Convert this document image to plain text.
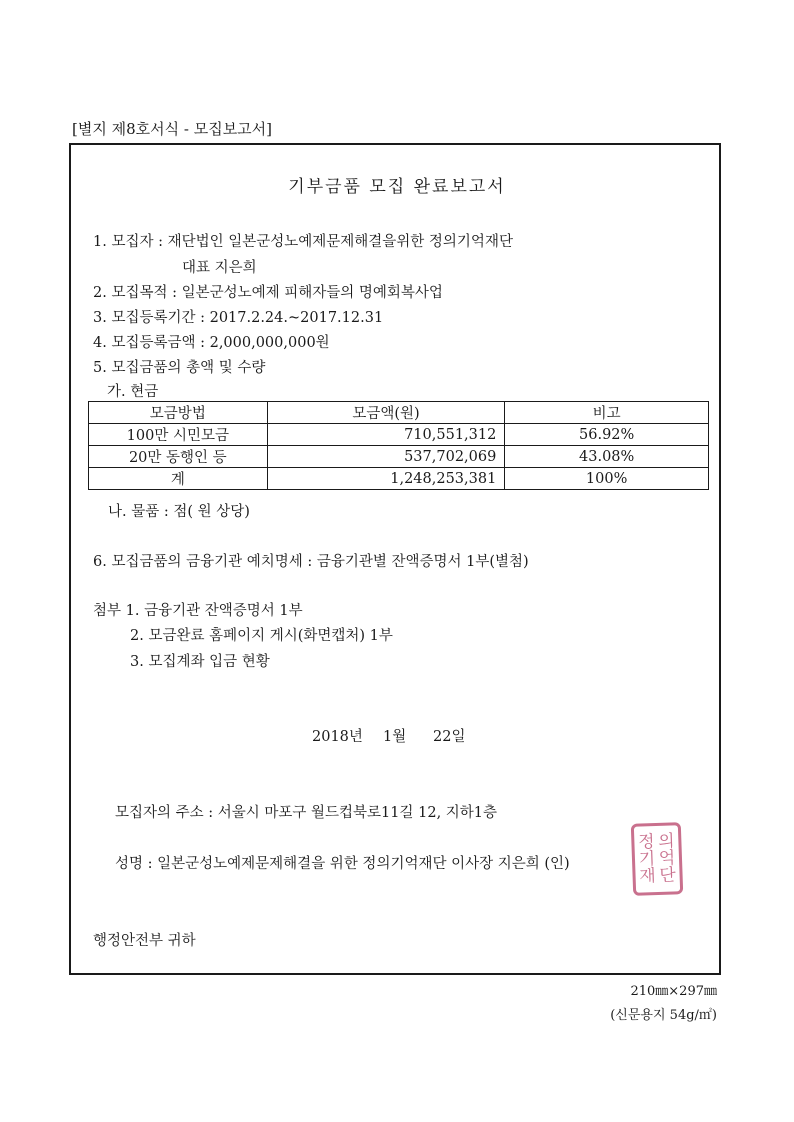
[별지 제8호서식 - 모집보고서]
기부금품 모집 완료보고서
1. 모집자 : 재단법인 일본군성노예제문제해결을위한 정의기억재단
대표 지은희
2. 모집목적 : 일본군성노예제 피해자들의 명예회복사업
3. 모집등록기간 : 2017.2.24.~2017.12.31
4. 모집등록금액 : 2,000,000,000원
5. 모집금품의 총액 및 수량
가. 현금
모금방법	모금액(원)	비고
100만 시민모금	710,551,312	56.92%
20만 동행인 등	537,702,069	43.08%
계	1,248,253,381	100%
나. 물품 : 점( 원 상당)
6. 모집금품의 금융기관 예치명세 : 금융기관별 잔액증명서 1부(별첨)
첨부 1. 금융기관 잔액증명서 1부
2. 모금완료 홈페이지 게시(화면캡처) 1부
3. 모집계좌 입금 현황
2018년 1월 22일
모집자의 주소 : 서울시 마포구 월드컵북로11길 12, 지하1층
성명 : 일본군성노예제문제해결을 위한 정의기억재단 이사장 지은희 (인)
정 의
기 억
재 단
행정안전부 귀하
210㎜×297㎜
(신문용지 54g/㎡)
